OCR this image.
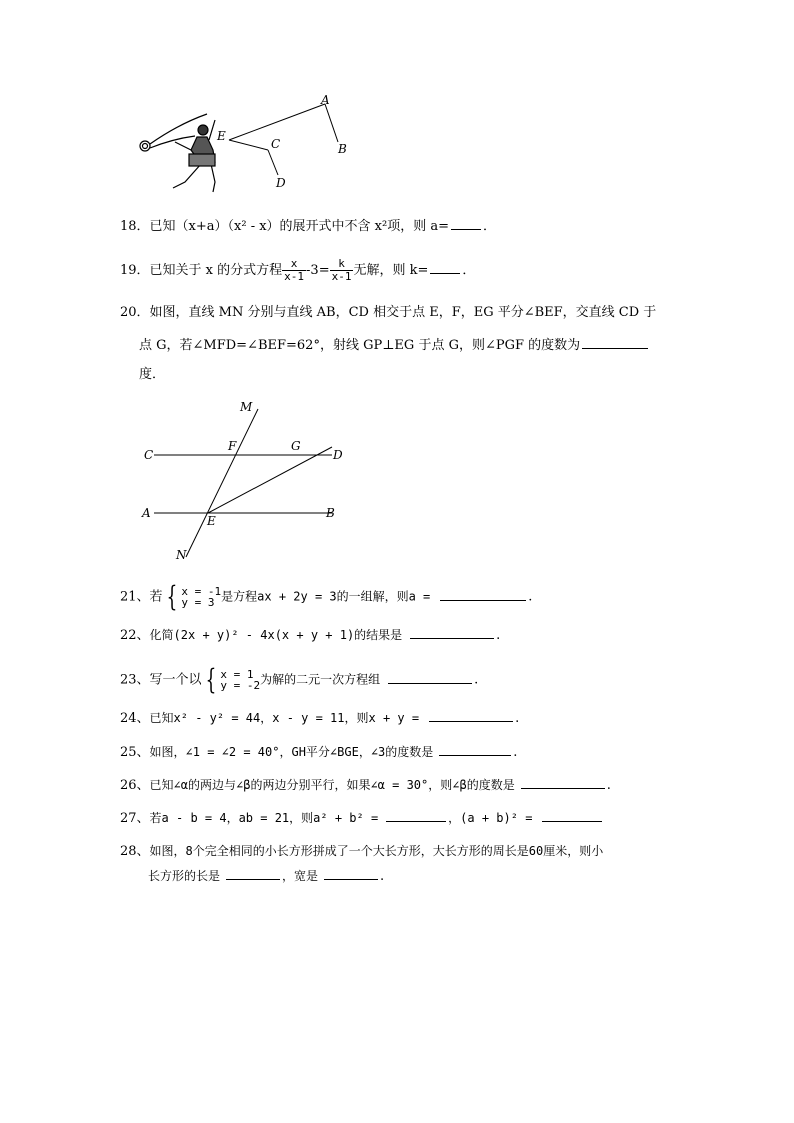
A
B
C
D
E
18．已知（x+a）（x² - x）的展开式中不含 x²项，则 a=	．
19．已知关于 x 的分式方程 $\frac{x}{x-1} -3= \frac{k}{x-1}$ 无解，则 k=	．
20．如图，直线 MN 分别与直线 AB，CD 相交于点 E，F，EG 平分∠BEF，交直线 CD 于
点 G，若∠MFD=∠BEF=62°，射线 GP⊥EG 于点 G，则∠PGF 的度数为
度．
M
F	G
C	D
A
E
B
N
21、若 { x = -1
y = 3 是方程ax + 2y = 3的一组解，则a =	.
22、化简(2x + y)² - 4x(x + y + 1)的结果是	.
23、写一个以 { x = 1
y = -2 为解的二元一次方程组	.
24、已知x² - y² = 44，x - y = 11，则x + y =	.
25、如图，∠1 = ∠2 = 40°，GH平分∠BGE，∠3的度数是	.
26、已知∠α的两边与∠β的两边分别平行，如果∠α = 30°，则∠β的度数是	.
27、若a - b = 4，ab = 21，则a² + b² =	，(a + b)² =
28、如图，8个完全相同的小长方形拼成了一个大长方形，大长方形的周长是60厘米，则小
长方形的长是	，宽是	.
